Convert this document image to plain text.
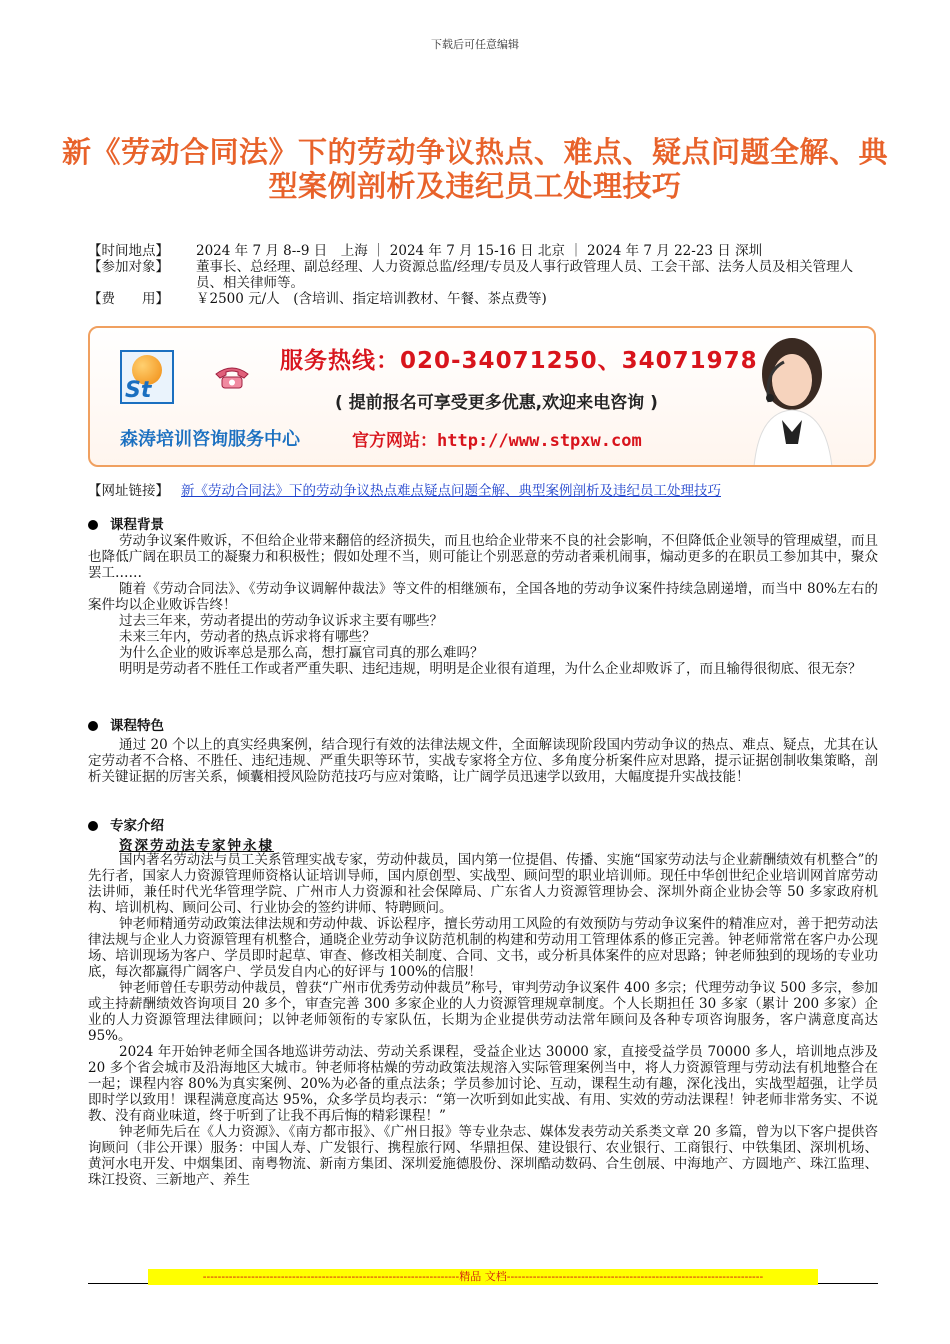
下载后可任意编辑
新《劳动合同法》下的劳动争议热点、难点、疑点问题全解、典型案例剖析及违纪员工处理技巧
【时间地点】	2024 年 7 月 8--9 日　上海 ｜ 2024 年 7 月 15-16 日 北京 ｜ 2024 年 7 月 22-23 日 深圳
【参加对象】	董事长、总经理、副总经理、人力资源总监/经理/专员及人事行政管理人员、工会干部、法务人员及相关管理人员、相关律师等。
【费　　用】	￥2500 元/人　(含培训、指定培训教材、午餐、茶点费等)
St
服务热线：020-34071250、34071978
( 提前报名可享受更多优惠,欢迎来电咨询 )
森涛培训咨询服务中心	官方网站：http://www.stpxw.com
【网址链接】 新《劳动合同法》下的劳动争议热点难点疑点问题全解、典型案例剖析及违纪员工处理技巧
课程背景

劳动争议案件败诉，不但给企业带来翻倍的经济损失，而且也给企业带来不良的社会影响，不但降低企业领导的管理威望，而且也降低广阔在职员工的凝聚力和积极性；假如处理不当，则可能让个别恶意的劳动者乘机闹事，煽动更多的在职员工参加其中，聚众罢工……

随着《劳动合同法》、《劳动争议调解仲裁法》等文件的相继颁布，全国各地的劳动争议案件持续急剧递增，而当中 80%左右的案件均以企业败诉告终！

过去三年来，劳动者提出的劳动争议诉求主要有哪些？

未来三年内，劳动者的热点诉求将有哪些？

为什么企业的败诉率总是那么高，想打赢官司真的那么难吗？

明明是劳动者不胜任工作或者严重失职、违纪违规，明明是企业很有道理，为什么企业却败诉了，而且输得很彻底、很无奈？

课程特色

通过 20 个以上的真实经典案例，结合现行有效的法律法规文件，全面解读现阶段国内劳动争议的热点、难点、疑点，尤其在认定劳动者不合格、不胜任、违纪违规、严重失职等环节，实战专家将全方位、多角度分析案件应对思路，提示证据创制收集策略，剖析关键证据的厉害关系，倾囊相授风险防范技巧与应对策略，让广阔学员迅速学以致用，大幅度提升实战技能！

专家介绍
资深劳动法专家钟永棣

国内著名劳动法与员工关系管理实战专家，劳动仲裁员，国内第一位提倡、传播、实施“国家劳动法与企业薪酬绩效有机整合”的先行者，国家人力资源管理师资格认证培训导师，国内原创型、实战型、顾问型的职业培训师。现任中华创世纪企业培训网首席劳动法讲师，兼任时代光华管理学院、广州市人力资源和社会保障局、广东省人力资源管理协会、深圳外商企业协会等 50 多家政府机构、培训机构、顾问公司、行业协会的签约讲师、特聘顾问。

钟老师精通劳动政策法律法规和劳动仲裁、诉讼程序，擅长劳动用工风险的有效预防与劳动争议案件的精准应对，善于把劳动法律法规与企业人力资源管理有机整合，通晓企业劳动争议防范机制的构建和劳动用工管理体系的修正完善。钟老师常常在客户办公现场、培训现场为客户、学员即时起草、审查、修改相关制度、合同、文书，或分析具体案件的应对思路；钟老师独到的现场的专业功底，每次都赢得广阔客户、学员发自内心的好评与 100%的信服！

钟老师曾任专职劳动仲裁员，曾获“广州市优秀劳动仲裁员”称号，审判劳动争议案件 400 多宗；代理劳动争议 500 多宗，参加或主持薪酬绩效咨询项目 20 多个，审查完善 300 多家企业的人力资源管理规章制度。个人长期担任 30 多家（累计 200 多家）企业的人力资源管理法律顾问；以钟老师领衔的专家队伍，长期为企业提供劳动法常年顾问及各种专项咨询服务，客户满意度高达 95%。

2024 年开始钟老师全国各地巡讲劳动法、劳动关系课程，受益企业达 30000 家，直接受益学员 70000 多人，培训地点涉及 20 多个省会城市及沿海地区大城市。钟老师将枯燥的劳动政策法规溶入实际管理案例当中，将人力资源管理与劳动法有机地整合在一起；课程内容 80%为真实案例、20%为必备的重点法条；学员参加讨论、互动，课程生动有趣，深化浅出，实战型超强，让学员即时学以致用！课程满意度高达 95%，众多学员均表示：“第一次听到如此实战、有用、实效的劳动法课程！钟老师非常务实、不说教、没有商业味道，终于听到了让我不再后悔的精彩课程！”

钟老师先后在《人力资源》、《南方都市报》、《广州日报》等专业杂志、媒体发表劳动关系类文章 20 多篇，曾为以下客户提供咨询顾问（非公开课）服务：中国人寿、广发银行、携程旅行网、华鼎担保、建设银行、农业银行、工商银行、中铁集团、深圳机场、黄河水电开发、中烟集团、南粤物流、新南方集团、深圳爱施德股份、深圳酷动数码、合生创展、中海地产、方圆地产、珠江监理、珠江投资、三新地产、养生

---------------------------------------------------------------------精品 文档---------------------------------------------------------------------
